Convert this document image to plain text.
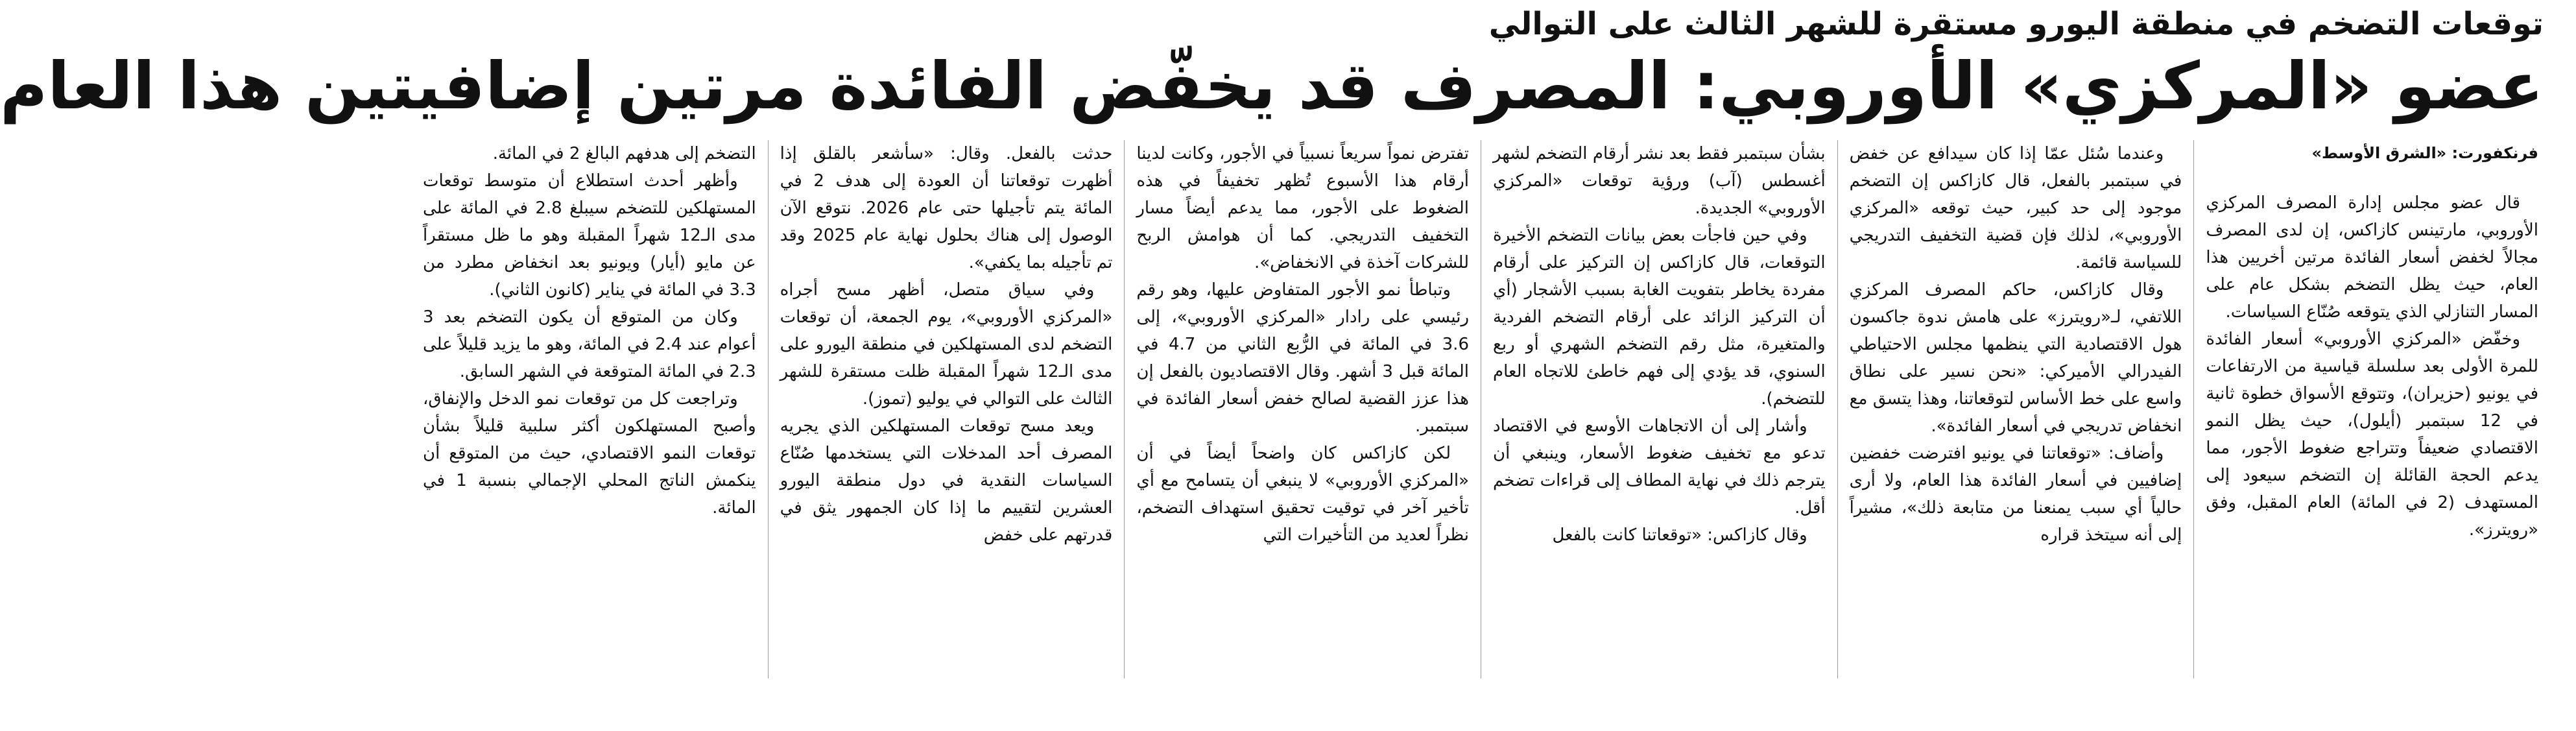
توقعات التضخم في منطقة اليورو مستقرة للشهر الثالث على التوالي
عضو «المركزي» الأوروبي: المصرف قد يخفّض الفائدة مرتين إضافيتين هذا العام

فرنكفورت: «الشرق الأوسط»

قال عضو مجلس إدارة المصرف المركزي الأوروبي، مارتينس كازاكس، إن لدى المصرف مجالاً لخفض أسعار الفائدة مرتين أخريين هذا العام، حيث يظل التضخم بشكل عام على المسار التنازلي الذي يتوقعه صُنّاع السياسات.

وخفّض «المركزي الأوروبي» أسعار الفائدة للمرة الأولى بعد سلسلة قياسية من الارتفاعات في يونيو (حزيران)، وتتوقع الأسواق خطوة ثانية في 12 سبتمبر (أيلول)، حيث يظل النمو الاقتصادي ضعيفاً وتتراجع ضغوط الأجور، مما يدعم الحجة القائلة إن التضخم سيعود إلى المستهدف (2 في المائة) العام المقبل، وفق «رويترز».

وعندما سُئل عمّا إذا كان سيدافع عن خفض في سبتمبر بالفعل، قال كازاكس إن التضخم موجود إلى حد كبير، حيث توقعه «المركزي الأوروبي»، لذلك فإن قضية التخفيف التدريجي للسياسة قائمة.

وقال كازاكس، حاكم المصرف المركزي اللاتفي، لـ«رويترز» على هامش ندوة جاكسون هول الاقتصادية التي ينظمها مجلس الاحتياطي الفيدرالي الأميركي: «نحن نسير على نطاق واسع على خط الأساس لتوقعاتنا، وهذا يتسق مع انخفاض تدريجي في أسعار الفائدة».

وأضاف: «توقعاتنا في يونيو افترضت خفضين إضافيين في أسعار الفائدة هذا العام، ولا أرى حالياً أي سبب يمنعنا من متابعة ذلك»، مشيراً إلى أنه سيتخذ قراره

بشأن سبتمبر فقط بعد نشر أرقام التضخم لشهر أغسطس (آب) ورؤية توقعات «المركزي الأوروبي» الجديدة.

وفي حين فاجأت بعض بيانات التضخم الأخيرة التوقعات، قال كازاكس إن التركيز على أرقام مفردة يخاطر بتفويت الغابة بسبب الأشجار (أي أن التركيز الزائد على أرقام التضخم الفردية والمتغيرة، مثل رقم التضخم الشهري أو ربع السنوي، قد يؤدي إلى فهم خاطئ للاتجاه العام للتضخم).

وأشار إلى أن الاتجاهات الأوسع في الاقتصاد تدعو مع تخفيف ضغوط الأسعار، وينبغي أن يترجم ذلك في نهاية المطاف إلى قراءات تضخم أقل.

وقال كازاكس: «توقعاتنا كانت بالفعل

تفترض نمواً سريعاً نسبياً في الأجور، وكانت لدينا أرقام هذا الأسبوع تُظهر تخفيفاً في هذه الضغوط على الأجور، مما يدعم أيضاً مسار التخفيف التدريجي. كما أن هوامش الربح للشركات آخذة في الانخفاض».

وتباطأ نمو الأجور المتفاوض عليها، وهو رقم رئيسي على رادار «المركزي الأوروبي»، إلى 3.6 في المائة في الرُّبع الثاني من 4.7 في المائة قبل 3 أشهر. وقال الاقتصاديون بالفعل إن هذا عزز القضية لصالح خفض أسعار الفائدة في سبتمبر.

لكن كازاكس كان واضحاً أيضاً في أن «المركزي الأوروبي» لا ينبغي أن يتسامح مع أي تأخير آخر في توقيت تحقيق استهداف التضخم، نظراً لعديد من التأخيرات التي

حدثت بالفعل. وقال: «سأشعر بالقلق إذا أظهرت توقعاتنا أن العودة إلى هدف 2 في المائة يتم تأجيلها حتى عام 2026. نتوقع الآن الوصول إلى هناك بحلول نهاية عام 2025 وقد تم تأجيله بما يكفي».

وفي سياق متصل، أظهر مسح أجراه «المركزي الأوروبي»، يوم الجمعة، أن توقعات التضخم لدى المستهلكين في منطقة اليورو على مدى الـ12 شهراً المقبلة ظلت مستقرة للشهر الثالث على التوالي في يوليو (تموز).

ويعد مسح توقعات المستهلكين الذي يجريه المصرف أحد المدخلات التي يستخدمها صُنّاع السياسات النقدية في دول منطقة اليورو العشرين لتقييم ما إذا كان الجمهور يثق في قدرتهم على خفض

التضخم إلى هدفهم البالغ 2 في المائة.

وأظهر أحدث استطلاع أن متوسط توقعات المستهلكين للتضخم سيبلغ 2.8 في المائة على مدى الـ12 شهراً المقبلة وهو ما ظل مستقراً عن مايو (أيار) ويونيو بعد انخفاض مطرد من 3.3 في المائة في يناير (كانون الثاني).

وكان من المتوقع أن يكون التضخم بعد 3 أعوام عند 2.4 في المائة، وهو ما يزيد قليلاً على 2.3 في المائة المتوقعة في الشهر السابق.

وتراجعت كل من توقعات نمو الدخل والإنفاق، وأصبح المستهلكون أكثر سلبية قليلاً بشأن توقعات النمو الاقتصادي، حيث من المتوقع أن ينكمش الناتج المحلي الإجمالي بنسبة 1 في المائة.
